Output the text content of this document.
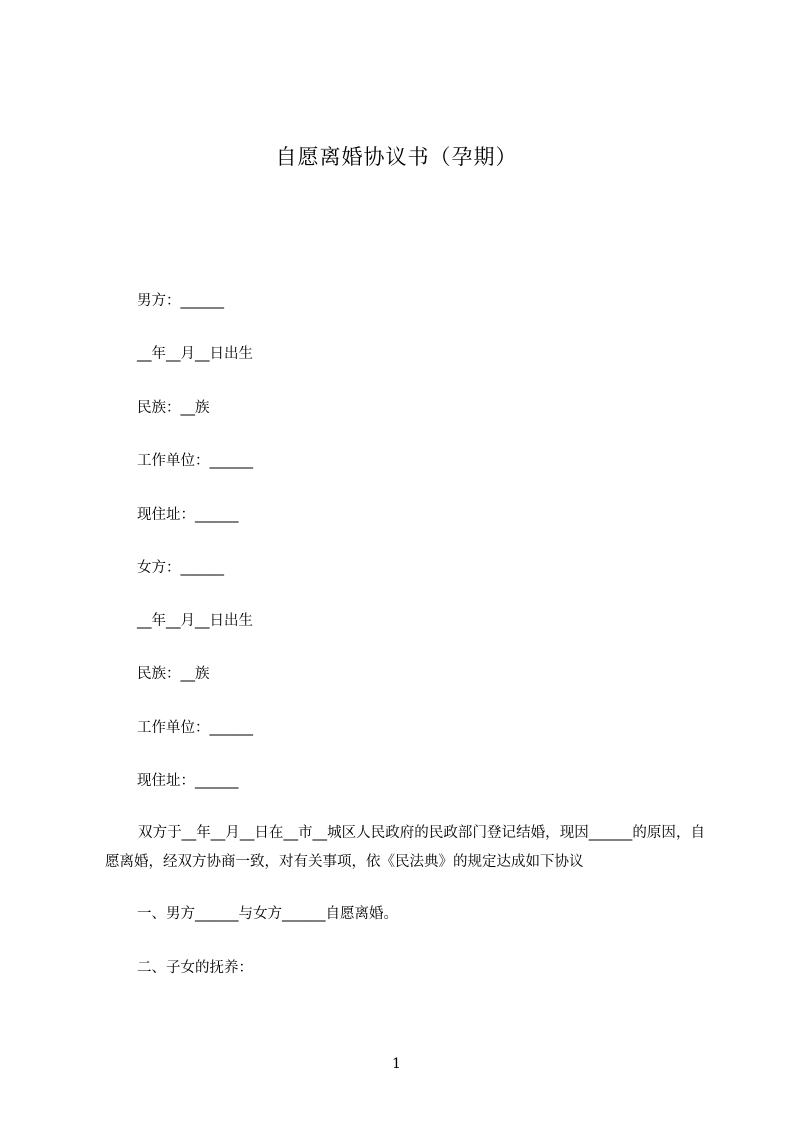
自愿离婚协议书（孕期）
男方：______
__年__月__日出生
民族：__族
工作单位：______
现住址：______
女方：______
__年__月__日出生
民族：__族
工作单位：______
现住址：______
双方于__年__月__日在__市__城区人民政府的民政部门登记结婚，现因______的原因，自愿离婚，经双方协商一致，对有关事项，依《民法典》的规定达成如下协议
一、男方______与女方______自愿离婚。
二、子女的抚养：
1
